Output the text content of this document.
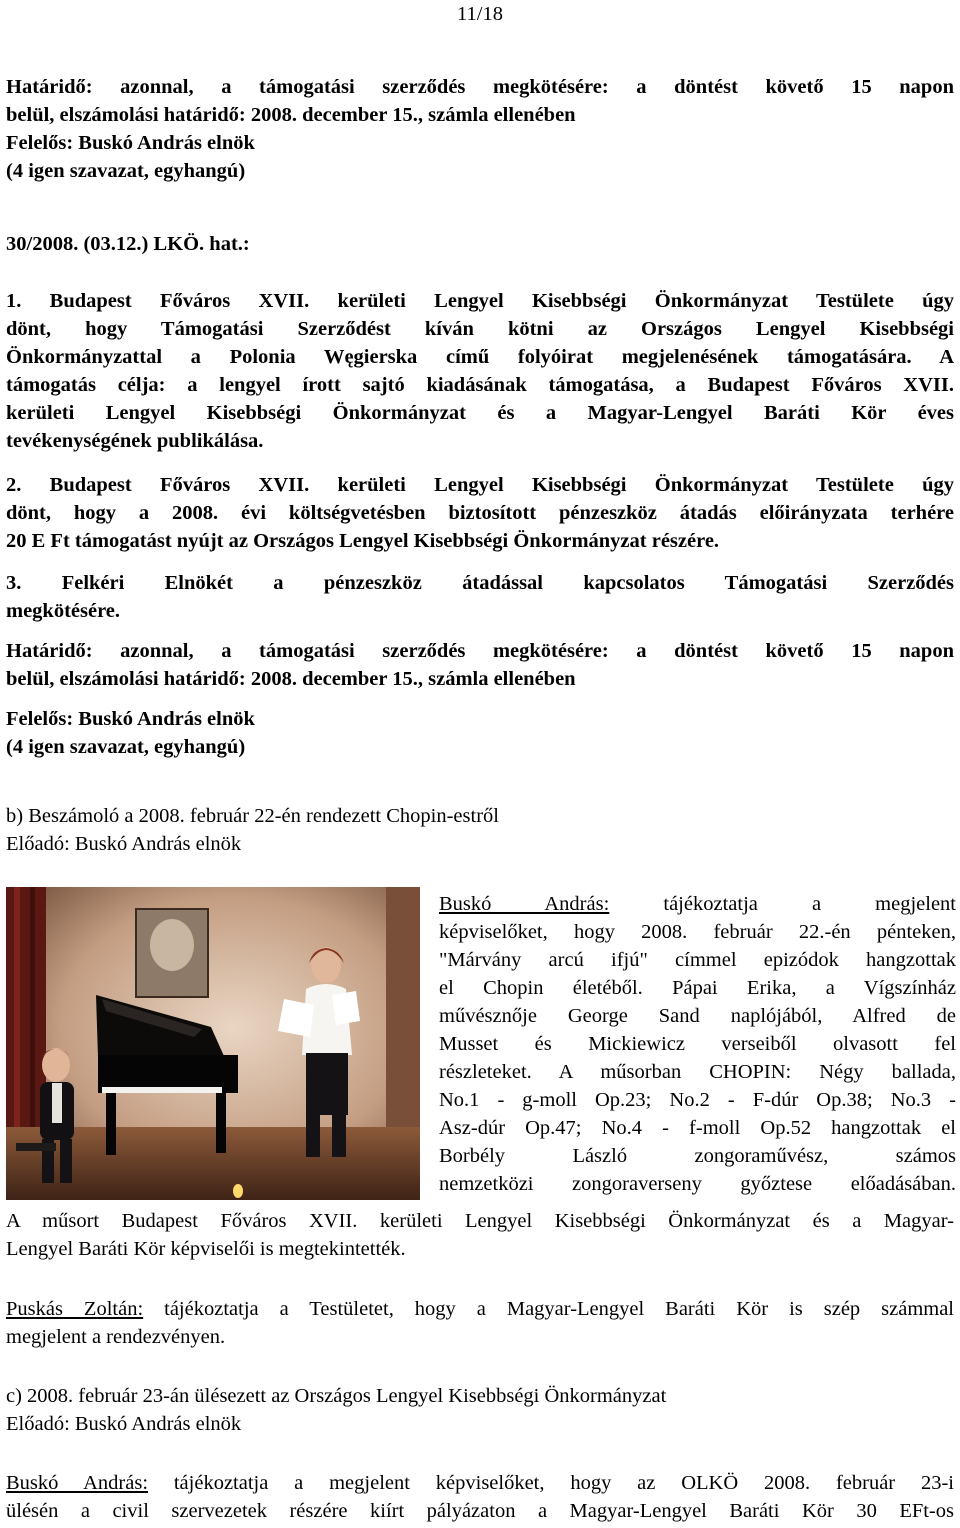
11/18
Határidő: azonnal, a támogatási szerződés megkötésére: a döntést követő 15 napon
belül, elszámolási határidő: 2008. december 15., számla ellenében
Felelős: Buskó András elnök
(4 igen szavazat, egyhangú)
30/2008. (03.12.) LKÖ. hat.:
1. Budapest Főváros XVII. kerületi Lengyel Kisebbségi Önkormányzat Testülete úgy
dönt, hogy Támogatási Szerződést kíván kötni az Országos Lengyel Kisebbségi
Önkormányzattal a Polonia Węgierska című folyóirat megjelenésének támogatására. A
támogatás célja: a lengyel írott sajtó kiadásának támogatása, a Budapest Főváros XVII.
kerületi Lengyel Kisebbségi Önkormányzat és a Magyar-Lengyel Baráti Kör éves
tevékenységének publikálása.
2. Budapest Főváros XVII. kerületi Lengyel Kisebbségi Önkormányzat Testülete úgy
dönt, hogy a 2008. évi költségvetésben biztosított pénzeszköz átadás előirányzata terhére
20 E Ft támogatást nyújt az Országos Lengyel Kisebbségi Önkormányzat részére.
3. Felkéri Elnökét a pénzeszköz átadással kapcsolatos Támogatási Szerződés
megkötésére.
Határidő: azonnal, a támogatási szerződés megkötésére: a döntést követő 15 napon
belül, elszámolási határidő: 2008. december 15., számla ellenében
Felelős: Buskó András elnök
(4 igen szavazat, egyhangú)
b) Beszámoló a 2008. február 22-én rendezett Chopin-estről
Előadó: Buskó András elnök
Buskó András:	tájékoztatja a megjelent
képviselőket, hogy 2008. február 22.-én pénteken,
"Márvány arcú ifjú" címmel epizódok hangzottak
el Chopin életéből. Pápai Erika, a Vígszínház
művésznője George Sand naplójából, Alfred de
Musset és Mickiewicz verseiből olvasott fel
részleteket. A műsorban CHOPIN: Négy ballada,
No.1 - g-moll Op.23; No.2 - F-dúr Op.38; No.3 -
Asz-dúr Op.47; No.4 - f-moll Op.52 hangzottak el
Borbély László zongoraművész, számos
nemzetközi zongoraverseny győztese előadásában.
A műsort Budapest Főváros XVII. kerületi Lengyel Kisebbségi Önkormányzat és a Magyar-
Lengyel Baráti Kör képviselői is megtekintették.
Puskás Zoltán: tájékoztatja a Testületet, hogy a Magyar-Lengyel Baráti Kör is szép számmal
megjelent a rendezvényen.
c) 2008. február 23-án ülésezett az Országos Lengyel Kisebbségi Önkormányzat
Előadó: Buskó András elnök
Buskó András: tájékoztatja a megjelent képviselőket, hogy az OLKÖ 2008. február 23-i
ülésén a civil szervezetek részére kiírt pályázaton a Magyar-Lengyel Baráti Kör 30 EFt-os
